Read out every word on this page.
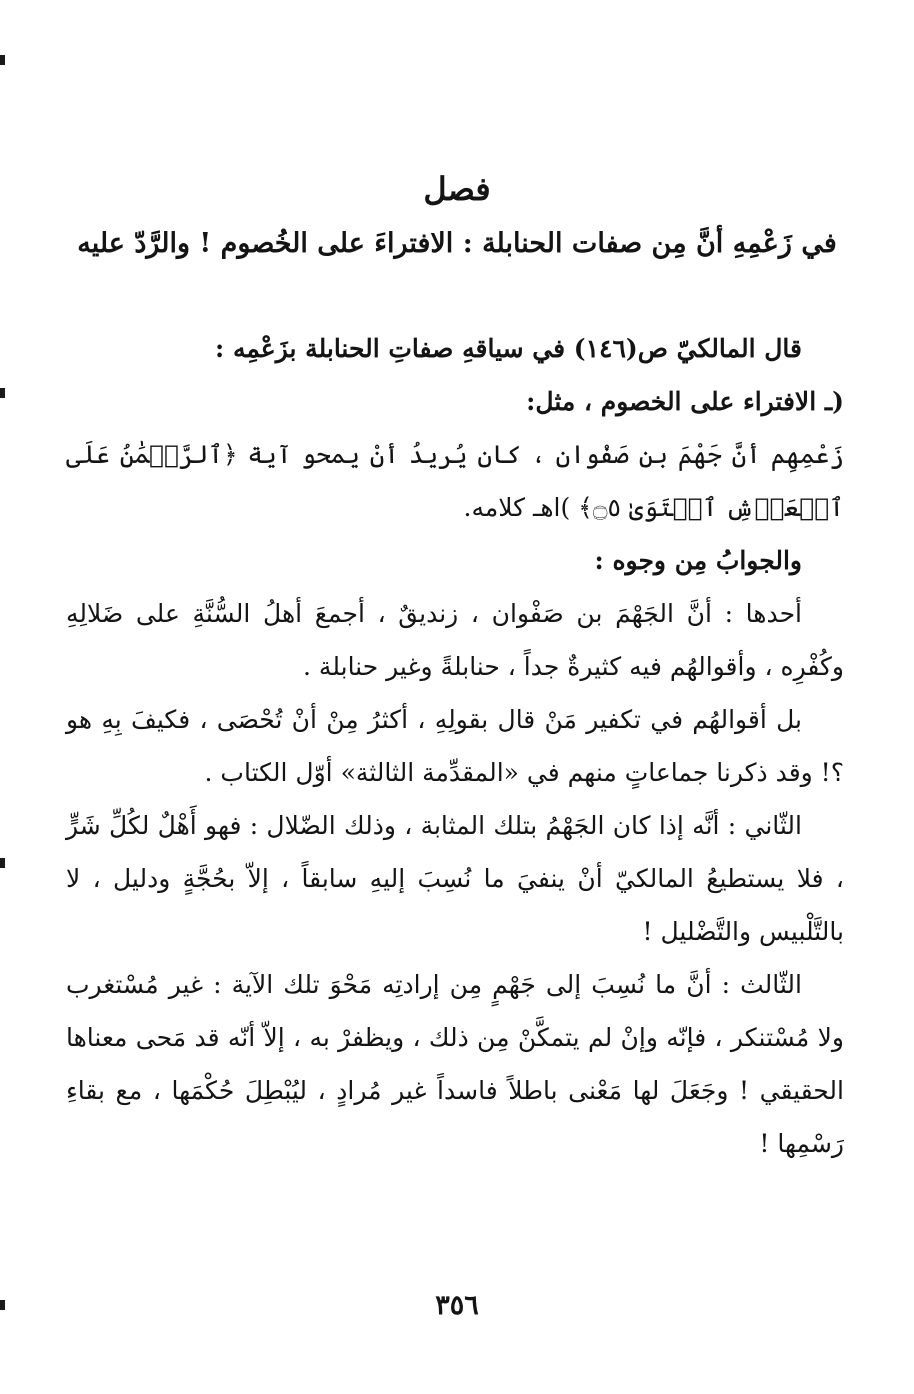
فصل
في زَعْمِهِ أنَّ مِن صفات الحنابلة : الافتراءَ على الخُصوم ! والرَّدّ عليه

قال المالكيّ ص(١٤٦) في سياقهِ صفاتِ الحنابلة بزَعْمِه :

(ـ الافتراء على الخصوم ، مثل:

زَعْمِهِم أنَّ جَهْمَ بن صَفْوان ، كان يُريدُ أنْ يمحو آية ﴿ٱلرَّحۡمَٰنُ عَلَى ٱلۡعَرۡشِ ٱسۡتَوَىٰ ۝٥﴾ )اهـ كلامه.

والجوابُ مِن وجوه :

أحدها : أنَّ الجَهْمَ بن صَفْوان ، زنديقٌ ، أجمعَ أهلُ السُّنَّةِ على ضَلالِهِ وكُفْرِه ، وأقوالهُم فيه كثيرةٌ جداً ، حنابلةً وغير حنابلة .

بل أقوالهُم في تكفير مَنْ قال بقولِهِ ، أكثرُ مِنْ أنْ تُحْصَى ، فكيفَ بِهِ هو ؟! وقد ذكرنا جماعاتٍ منهم في «المقدِّمة الثالثة» أوّل الكتاب .

الثّاني : أنَّه إذا كان الجَهْمُ بتلك المثابة ، وذلك الضّلال : فهو أَهْلٌ لكُلِّ شَرٍّ ، فلا يستطيعُ المالكيّ أنْ ينفيَ ما نُسِبَ إليهِ سابقاً ، إلاّ بحُجَّةٍ ودليل ، لا بالتَّلْبيس والتَّضْليل !

الثّالث : أنَّ ما نُسِبَ إلى جَهْمٍ مِن إرادتِه مَحْوَ تلك الآية : غير مُسْتغرب ولا مُسْتنكر ، فإنّه وإنْ لم يتمكَّنْ مِن ذلك ، ويظفرْ به ، إلاّ أنّه قد مَحى معناها الحقيقي ! وجَعَلَ لها مَعْنى باطلاً فاسداً غير مُرادٍ ، ليُبْطِلَ حُكْمَها ، مع بقاءِ رَسْمِها !

٣٥٦
